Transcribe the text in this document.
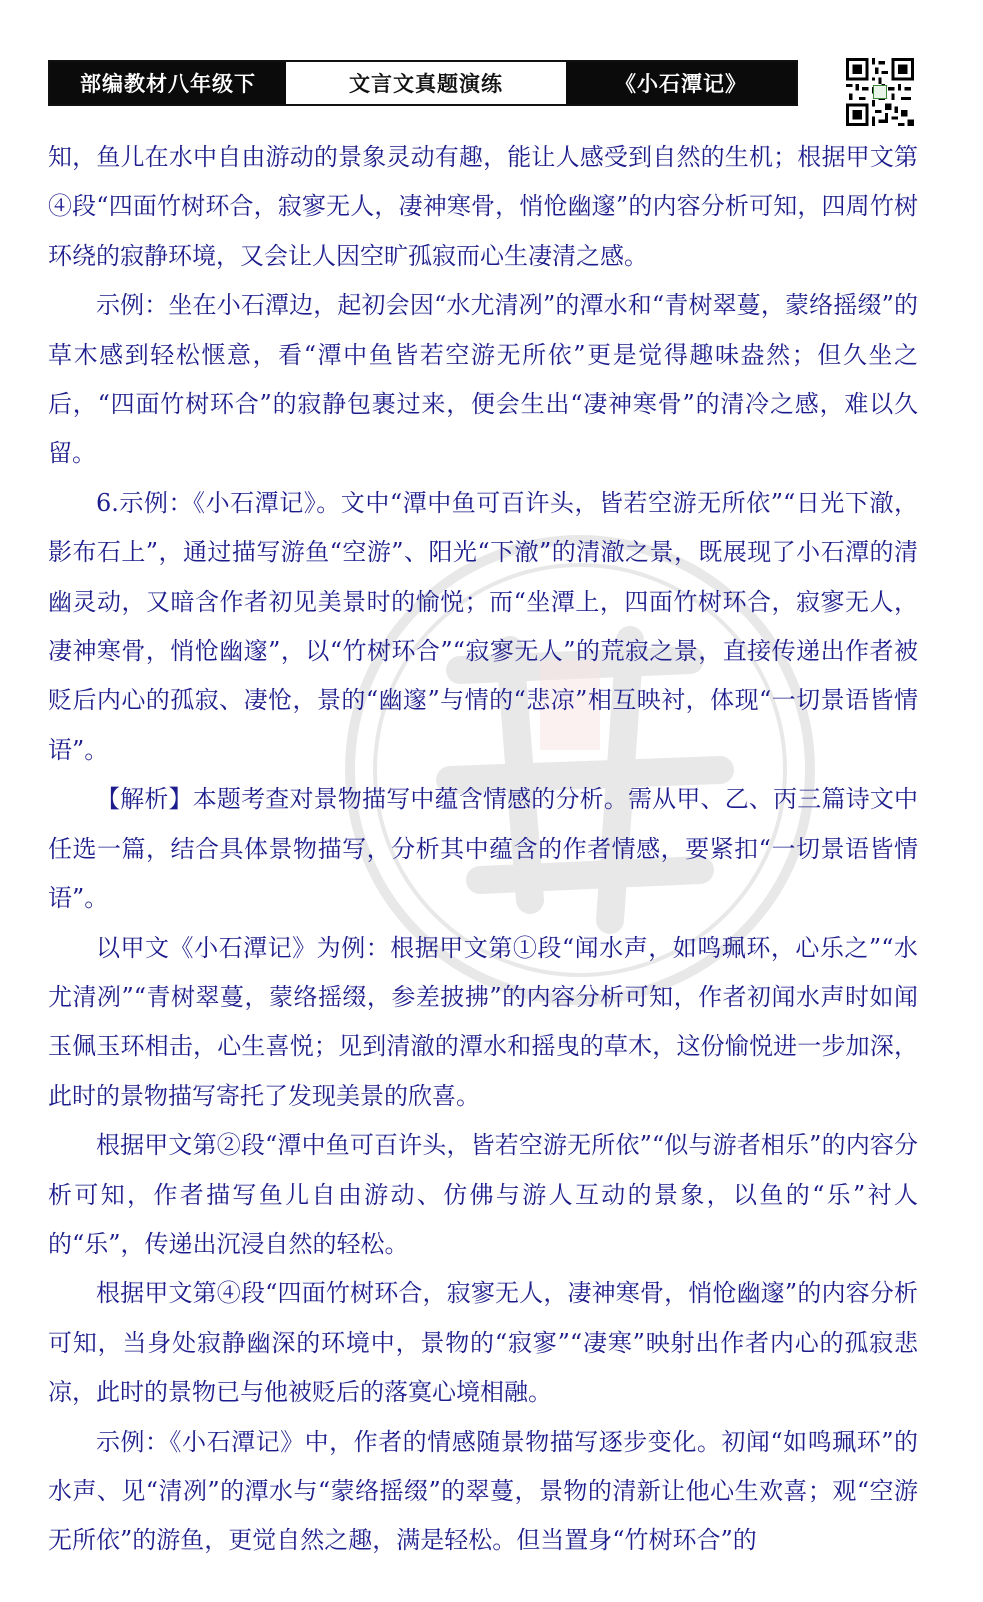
部编教材八年级下	文言文真题演练	《小石潭记》

知，鱼儿在水中自由游动的景象灵动有趣，能让人感受到自然的生机；根据甲文第④段“四面竹树环合，寂寥无人，凄神寒骨，悄怆幽邃”的内容分析可知，四周竹树环绕的寂静环境，又会让人因空旷孤寂而心生凄清之感。

示例：坐在小石潭边，起初会因“水尤清冽”的潭水和“青树翠蔓，蒙络摇缀”的草木感到轻松惬意，看“潭中鱼皆若空游无所依”更是觉得趣味盎然；但久坐之后，“四面竹树环合”的寂静包裹过来，便会生出“凄神寒骨”的清冷之感，难以久留。

6.示例：《小石潭记》。文中“潭中鱼可百许头，皆若空游无所依”“日光下澈，影布石上”，通过描写游鱼“空游”、阳光“下澈”的清澈之景，既展现了小石潭的清幽灵动，又暗含作者初见美景时的愉悦；而“坐潭上，四面竹树环合，寂寥无人，凄神寒骨，悄怆幽邃”，以“竹树环合”“寂寥无人”的荒寂之景，直接传递出作者被贬后内心的孤寂、凄怆，景的“幽邃”与情的“悲凉”相互映衬，体现“一切景语皆情语”。

【解析】本题考查对景物描写中蕴含情感的分析。需从甲、乙、丙三篇诗文中任选一篇，结合具体景物描写，分析其中蕴含的作者情感，要紧扣“一切景语皆情语”。

以甲文《小石潭记》为例：根据甲文第①段“闻水声，如鸣珮环，心乐之”“水尤清冽”“青树翠蔓，蒙络摇缀，参差披拂”的内容分析可知，作者初闻水声时如闻玉佩玉环相击，心生喜悦；见到清澈的潭水和摇曳的草木，这份愉悦进一步加深，此时的景物描写寄托了发现美景的欣喜。

根据甲文第②段“潭中鱼可百许头，皆若空游无所依”“似与游者相乐”的内容分析可知，作者描写鱼儿自由游动、仿佛与游人互动的景象，以鱼的“乐”衬人的“乐”，传递出沉浸自然的轻松。

根据甲文第④段“四面竹树环合，寂寥无人，凄神寒骨，悄怆幽邃”的内容分析可知，当身处寂静幽深的环境中，景物的“寂寥”“凄寒”映射出作者内心的孤寂悲凉，此时的景物已与他被贬后的落寞心境相融。

示例：《小石潭记》中，作者的情感随景物描写逐步变化。初闻“如鸣珮环”的水声、见“清冽”的潭水与“蒙络摇缀”的翠蔓，景物的清新让他心生欢喜；观“空游无所依”的游鱼，更觉自然之趣，满是轻松。但当置身“竹树环合”的
